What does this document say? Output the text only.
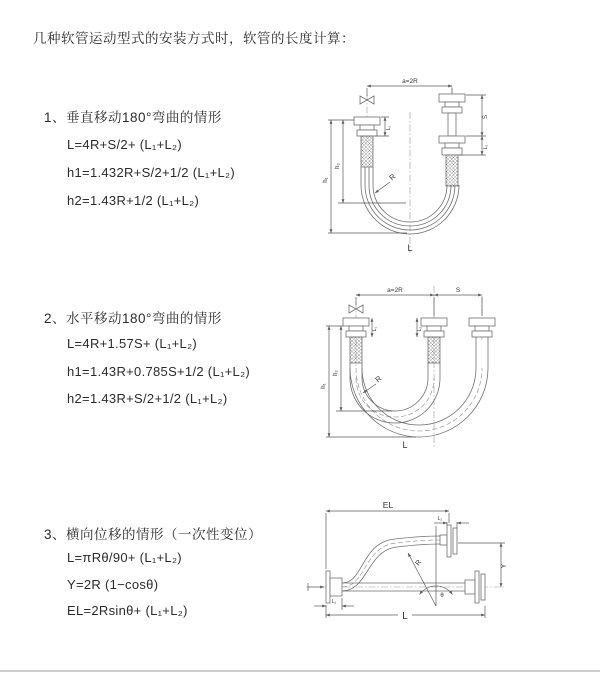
几种软管运动型式的安装方式时，软管的长度计算：
1、垂直移动180°弯曲的情形
L=4R+S/2+ (L₁+L₂)
h1=1.432R+S/2+1/2 (L₁+L₂)
h2=1.43R+1/2 (L₁+L₂)
2、水平移动180°弯曲的情形
L=4R+1.57S+ (L₁+L₂)
h1=1.43R+0.785S+1/2 (L₁+L₂)
h2=1.43R+S/2+1/2 (L₁+L₂)
3、横向位移的情形（一次性变位）
L=πRθ/90+ (L₁+L₂)
Y=2R (1−cosθ)
EL=2Rsinθ+ (L₁+L₂)
a=2R
R
h₁
h₂
L₁
S
L₂
L
a=2R	S
h₁
h₂
R
L₁	L₂
L
EL
L₂
Y
R
θ
L
L₁
